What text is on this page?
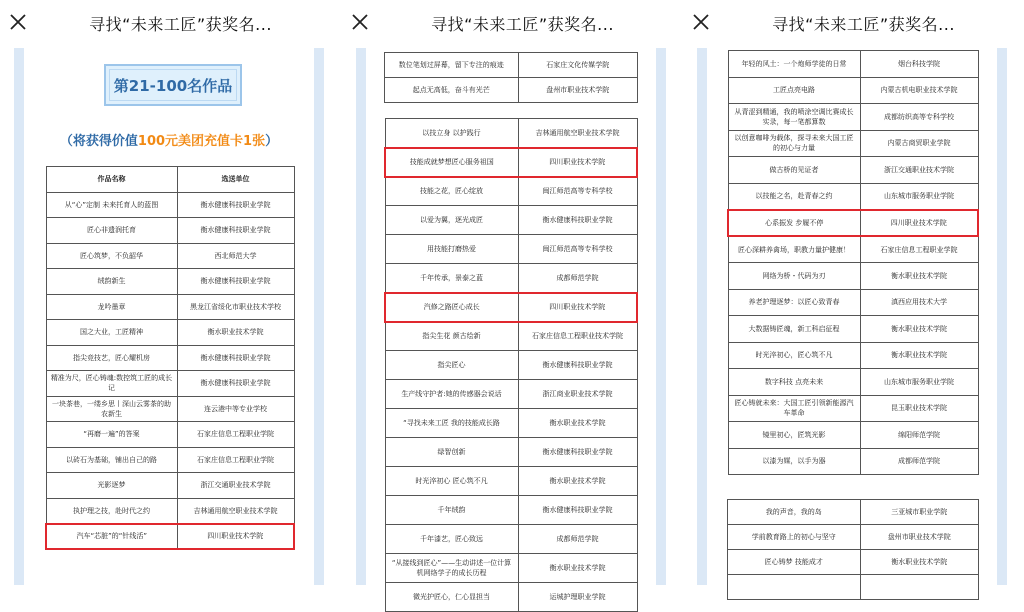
寻找“未来工匠”获奖名...
第21-100名作品
（将获得价值100元美团充值卡1张）
作品名称	选送单位
从“心”定制 未来托育人的蓝图	衡水健康科技职业学院
匠心非遗润托育	衡水健康科技职业学院
匠心筑梦，不负韶华	西北师范大学
绒韵新生	衡水健康科技职业学院
龙吟墨章	黑龙江省绥化市职业技术学校
国之大业，工匠精神	衡水职业技术学院
指尖竞技艺，匠心耀机房	衡水健康科技职业学院
精准为尺，匠心铸魂:数控筑工匠的成长记	衡水健康科技职业学院
一块茶巷，一缕乡思丨深山云雾茶的助农新生	连云港中等专业学校
“再磨一遍”的答案	石家庄信息工程职业学院
以砖石为基础，铺出自己的路	石家庄信息工程职业学院
光影逐梦	浙江交通职业技术学院
执护理之技，赴时代之约	吉林通用航空职业技术学院
汽车“芯脏”的“针线活”	四川职业技术学院
寻找“未来工匠”获奖名...
数位笔划过屏幕，留下专注的痕迹	石家庄文化传媒学院
起点无高低，奋斗有光芒	盘州市职业技术学院
以技立身 以护践行	吉林通用航空职业技术学院
技能成就梦想匠心服务祖国	四川职业技术学院
技能之花，匠心绽放	闽江师范高等专科学校
以爱为翼，逐光成匠	衡水健康科技职业学院
用技能打磨热爱	闽江师范高等专科学校
千年传承，景泰之蓝	成都师范学院
汽修之路匠心成长	四川职业技术学院
指尖生花 颜古绘新	石家庄信息工程职业技术学院
指尖匠心	衡水健康科技职业学院
生产线守护者:她的传感器会说话	浙江商业职业技术学院
“寻找未来工匠 我的技能成长路	衡水职业技术学院
绿智创新	衡水健康科技职业学院
时光淬初心 匠心筑不凡	衡水职业技术学院
千年绒韵	衡水健康科技职业学院
千年漆艺，匠心致远	成都师范学院
“从接线到匠心”——生动讲述一位计算机网络学子的成长历程	衡水职业技术学院
微光护匠心，仁心显担当	运城护理职业学院
寻找“未来工匠”获奖名...
年轻的风土：一个炮师学徒的日常	烟台科技学院
工匠点亮电路	内蒙古机电职业技术学院
从青涩到精通，我的喷涂空调比赛成长实录，每一笔都算数	成都纺织高等专科学校
以创意咖啡为载体，探寻未来大国工匠的初心与力量	内蒙古商贸职业学院
做古桥的见证者	浙江交通职业技术学院
以技能之名，赴青春之约	山东城市服务职业学院
心系振发 步履不停	四川职业技术学院
匠心深耕养禽场，职教力量护健康！	石家庄信息工程职业学院
网络为桥・代码为刃	衡水职业技术学院
养老护理逐梦：以匠心致青春	滇西应用技术大学
大数据铸匠魂，新工科启征程	衡水职业技术学院
时光淬初心，匠心筑不凡	衡水职业技术学院
数字科技 点亮未来	山东城市服务职业学院
匠心铸就未来：大国工匠引领新能源汽车革命	昆玉职业技术学院
镜里初心，匠筑光影	绵阳师范学院
以漆为媒，以手为器	成都师范学院
我的声音，我的岛	三亚城市职业学院
学前教育路上的初心与坚守	盘州市职业技术学院
匠心铸梦 技能成才	衡水职业技术学院
